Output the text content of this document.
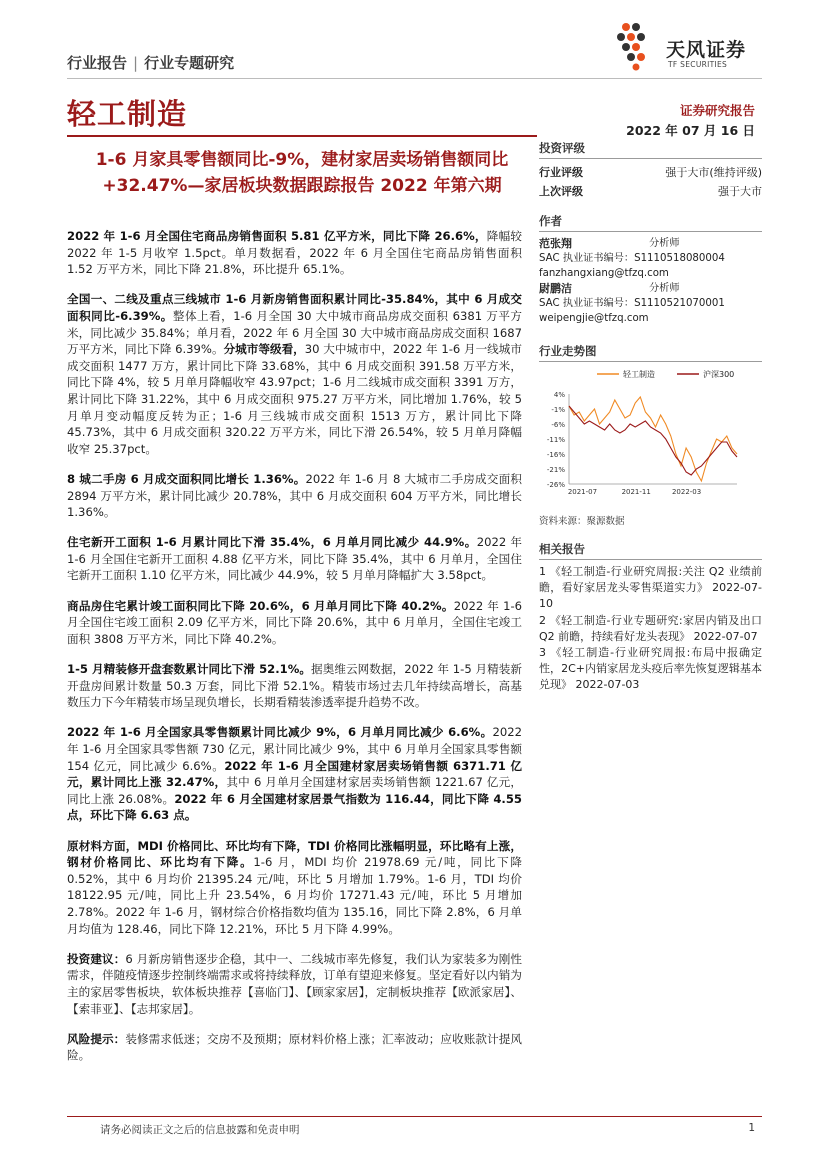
行业报告 | 行业专题研究
天风证券
TF SECURITIES
轻工制造	证券研究报告
2022 年 07 月 16 日
1-6 月家具零售额同比-9%，建材家居卖场销售额同比+32.47%—家居板块数据跟踪报告 2022 年第六期

2022 年 1-6 月全国住宅商品房销售面积 5.81 亿平方米，同比下降 26.6%，降幅较 2022 年 1-5 月收窄 1.5pct。单月数据看，2022 年 6 月全国住宅商品房销售面积 1.52 万平方米，同比下降 21.8%，环比提升 65.1%。

全国一、二线及重点三线城市 1-6 月新房销售面积累计同比-35.84%，其中 6 月成交面积同比-6.39%。整体上看，1-6 月全国 30 大中城市商品房成交面积 6381 万平方米，同比减少 35.84%；单月看，2022 年 6 月全国 30 大中城市商品房成交面积 1687 万平方米，同比下降 6.39%。分城市等级看，30 大中城市中，2022 年 1-6 月一线城市成交面积 1477 万方，累计同比下降 33.68%，其中 6 月成交面积 391.58 万平方米，同比下降 4%，较 5 月单月降幅收窄 43.97pct；1-6 月二线城市成交面积 3391 万方，累计同比下降 31.22%，其中 6 月成交面积 975.27 万平方米，同比增加 1.76%，较 5 月单月变动幅度反转为正；1-6 月三线城市成交面积 1513 万方，累计同比下降 45.73%，其中 6 月成交面积 320.22 万平方米，同比下滑 26.54%，较 5 月单月降幅收窄 25.37pct。

8 城二手房 6 月成交面积同比增长 1.36%。2022 年 1-6 月 8 大城市二手房成交面积 2894 万平方米，累计同比减少 20.78%，其中 6 月成交面积 604 万平方米，同比增长 1.36%。

住宅新开工面积 1-6 月累计同比下滑 35.4%，6 月单月同比减少 44.9%。2022 年 1-6 月全国住宅新开工面积 4.88 亿平方米，同比下降 35.4%，其中 6 月单月，全国住宅新开工面积 1.10 亿平方米，同比减少 44.9%，较 5 月单月降幅扩大 3.58pct。

商品房住宅累计竣工面积同比下降 20.6%，6 月单月同比下降 40.2%。2022 年 1-6 月全国住宅竣工面积 2.09 亿平方米，同比下降 20.6%，其中 6 月单月，全国住宅竣工面积 3808 万平方米，同比下降 40.2%。

1-5 月精装修开盘套数累计同比下滑 52.1%。据奥维云网数据，2022 年 1-5 月精装新开盘房间累计数量 50.3 万套，同比下滑 52.1%。精装市场过去几年持续高增长，高基数压力下今年精装市场呈现负增长，长期看精装渗透率提升趋势不改。

2022 年 1-6 月全国家具零售额累计同比减少 9%，6 月单月同比减少 6.6%。2022 年 1-6 月全国家具零售额 730 亿元，累计同比减少 9%，其中 6 月单月全国家具零售额 154 亿元，同比减少 6.6%。2022 年 1-6 月全国建材家居卖场销售额 6371.71 亿元，累计同比上涨 32.47%，其中 6 月单月全国建材家居卖场销售额 1221.67 亿元，同比上涨 26.08%。2022 年 6 月全国建材家居景气指数为 116.44，同比下降 4.55 点，环比下降 6.63 点。

原材料方面，MDI 价格同比、环比均有下降，TDI 价格同比涨幅明显，环比略有上涨，钢材价格同比、环比均有下降。1-6 月，MDI 均价 21978.69 元/吨，同比下降 0.52%，其中 6 月均价 21395.24 元/吨，环比 5 月增加 1.79%。1-6 月，TDI 均价 18122.95 元/吨，同比上升 23.54%，6 月均价 17271.43 元/吨，环比 5 月增加 2.78%。2022 年 1-6 月，钢材综合价格指数均值为 135.16，同比下降 2.8%，6 月单月均值为 128.46，同比下降 12.21%，环比 5 月下降 4.99%。

投资建议：6 月新房销售逐步企稳，其中一、二线城市率先修复，我们认为家装多为刚性需求，伴随疫情逐步控制终端需求或将持续释放，订单有望迎来修复。坚定看好以内销为主的家居零售板块，软体板块推荐【喜临门】、【顾家家居】，定制板块推荐【欧派家居】、【索菲亚】、【志邦家居】。

风险提示：装修需求低迷；交房不及预期；原材料价格上涨；汇率波动；应收账款计提风险。

投资评级
行业评级	强于大市(维持评级)
上次评级	强于大市
作者
范张翔	分析师
SAC 执业证书编号：S1110518080004
fanzhangxiang@tfzq.com
尉鹏洁	分析师
SAC 执业证书编号：S1110521070001
weipengjie@tfzq.com
行业走势图
4%
-1%
-6%
-11%
-16%
-21%
-26%
2021-07	2021-11	2022-03
轻工制造	沪深300
资料来源：聚源数据
相关报告

1 《轻工制造-行业研究周报:关注 Q2 业绩前瞻，看好家居龙头零售渠道实力》 2022-07-10

2 《轻工制造-行业专题研究:家居内销及出口 Q2 前瞻，持续看好龙头表现》 2022-07-07

3 《轻工制造-行业研究周报:布局中报确定性，2C+内销家居龙头疫后率先恢复逻辑基本兑现》 2022-07-03

请务必阅读正文之后的信息披露和免责申明	1
